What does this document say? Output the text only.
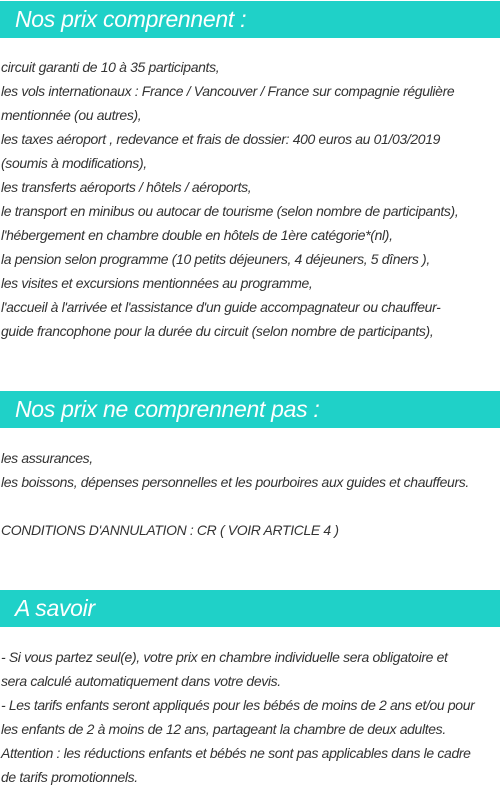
Nos prix comprennent :
circuit garanti de 10 à 35 participants,
les vols internationaux : France / Vancouver / France sur compagnie régulière
mentionnée (ou autres),
les taxes aéroport , redevance et frais de dossier: 400 euros au 01/03/2019
(soumis à modifications),
les transferts aéroports / hôtels / aéroports,
le transport en minibus ou autocar de tourisme (selon nombre de participants),
l'hébergement en chambre double en hôtels de 1ère catégorie*(nl),
la pension selon programme (10 petits déjeuners, 4 déjeuners, 5 dîners ),
les visites et excursions mentionnées au programme,
l'accueil à l'arrivée et l'assistance d'un guide accompagnateur ou chauffeur-
guide francophone pour la durée du circuit (selon nombre de participants),
Nos prix ne comprennent pas :
les assurances,
les boissons, dépenses personnelles et les pourboires aux guides et chauffeurs.
CONDITIONS D'ANNULATION : CR ( VOIR ARTICLE 4 )
A savoir
- Si vous partez seul(e), votre prix en chambre individuelle sera obligatoire et
sera calculé automatiquement dans votre devis.
- Les tarifs enfants seront appliqués pour les bébés de moins de 2 ans et/ou pour
les enfants de 2 à moins de 12 ans, partageant la chambre de deux adultes.
Attention : les réductions enfants et bébés ne sont pas applicables dans le cadre
de tarifs promotionnels.
